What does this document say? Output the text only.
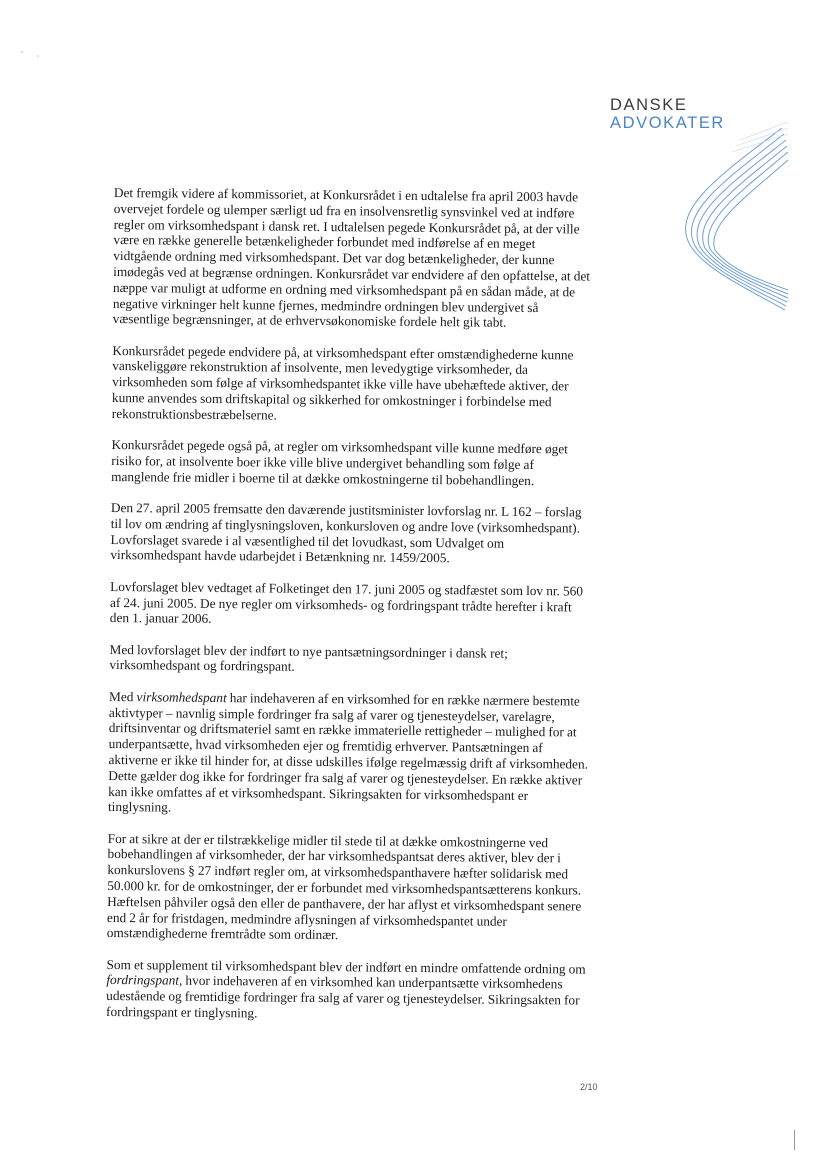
DANSKE
ADVOKATER

Det fremgik videre af kommissoriet, at Konkursrådet i en udtalelse fra april 2003 havde overvejet fordele og ulemper særligt ud fra en insolvensretlig synsvinkel ved at indføre regler om virksomhedspant i dansk ret. I udtalelsen pegede Konkursrådet på, at der ville være en række generelle betænkeligheder forbundet med indførelse af en meget vidtgående ordning med virksomhedspant. Det var dog betænkeligheder, der kunne imødegås ved at begrænse ordningen. Konkursrådet var endvidere af den opfattelse, at det næppe var muligt at udforme en ordning med virksomhedspant på en sådan måde, at de negative virkninger helt kunne fjernes, medmindre ordningen blev undergivet så væsentlige begrænsninger, at de erhvervsøkonomiske fordele helt gik tabt.

Konkursrådet pegede endvidere på, at virksomhedspant efter omstændighederne kunne vanskeliggøre rekonstruktion af insolvente, men levedygtige virksomheder, da virksomheden som følge af virksomhedspantet ikke ville have ubehæftede aktiver, der kunne anvendes som driftskapital og sikkerhed for omkostninger i forbindelse med rekonstruktionsbestræbelserne.

Konkursrådet pegede også på, at regler om virksomhedspant ville kunne medføre øget risiko for, at insolvente boer ikke ville blive undergivet behandling som følge af manglende frie midler i boerne til at dække omkostningerne til bobehandlingen.

Den 27. april 2005 fremsatte den daværende justitsminister lovforslag nr. L 162 – forslag til lov om ændring af tinglysningsloven, konkursloven og andre love (virksomhedspant). Lovforslaget svarede i al væsentlighed til det lovudkast, som Udvalget om virksomhedspant havde udarbejdet i Betænkning nr. 1459/2005.

Lovforslaget blev vedtaget af Folketinget den 17. juni 2005 og stadfæstet som lov nr. 560 af 24. juni 2005. De nye regler om virksomheds- og fordringspant trådte herefter i kraft den 1. januar 2006.

Med lovforslaget blev der indført to nye pantsætningsordninger i dansk ret; virksomhedspant og fordringspant.

Med virksomhedspant har indehaveren af en virksomhed for en række nærmere bestemte aktivtyper – navnlig simple fordringer fra salg af varer og tjenesteydelser, varelagre, driftsinventar og driftsmateriel samt en række immaterielle rettigheder – mulighed for at underpantsætte, hvad virksomheden ejer og fremtidig erhverver. Pantsætningen af aktiverne er ikke til hinder for, at disse udskilles ifølge regelmæssig drift af virksomheden. Dette gælder dog ikke for fordringer fra salg af varer og tjenesteydelser. En række aktiver kan ikke omfattes af et virksomhedspant. Sikringsakten for virksomhedspant er tinglysning.

For at sikre at der er tilstrækkelige midler til stede til at dække omkostningerne ved bobehandlingen af virksomheder, der har virksomhedspantsat deres aktiver, blev der i konkurslovens § 27 indført regler om, at virksomhedspanthavere hæfter solidarisk med 50.000 kr. for de omkostninger, der er forbundet med virksomhedspantsætterens konkurs. Hæftelsen påhviler også den eller de panthavere, der har aflyst et virksomhedspant senere end 2 år for fristdagen, medmindre aflysningen af virksomhedspantet under omstændighederne fremtrådte som ordinær.

Som et supplement til virksomhedspant blev der indført en mindre omfattende ordning om fordringspant, hvor indehaveren af en virksomhed kan underpantsætte virksomhedens udestående og fremtidige fordringer fra salg af varer og tjenesteydelser. Sikringsakten for fordringspant er tinglysning.

2/10
